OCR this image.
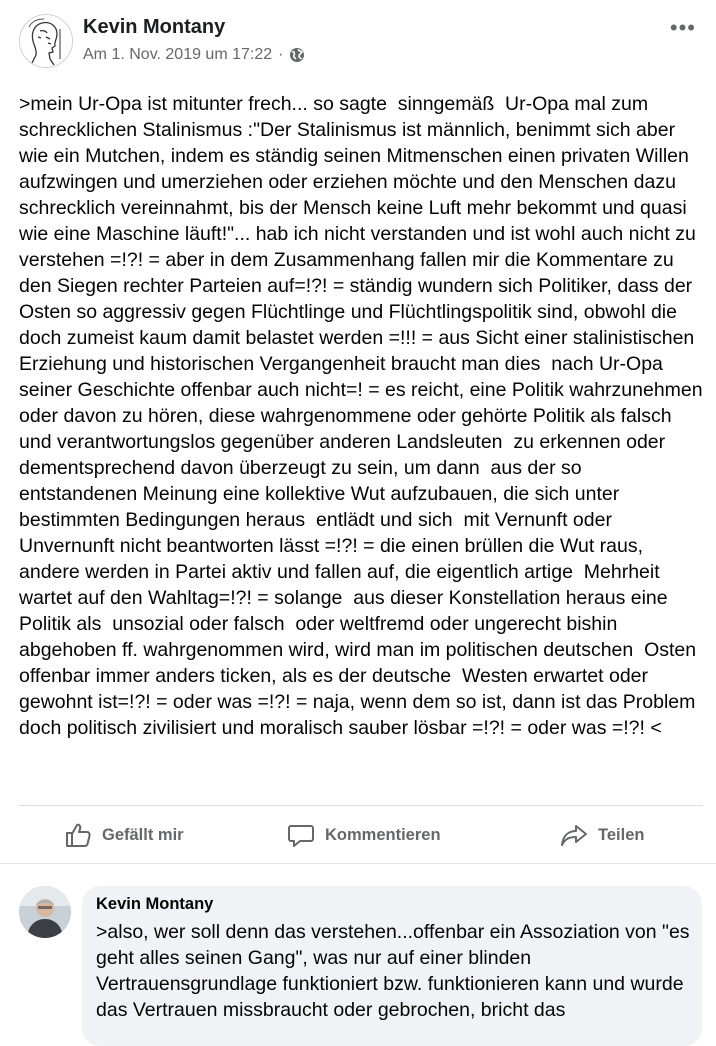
Kevin Montany
Am 1. Nov. 2019 um 17:22 ·
•••
>mein Ur-Opa ist mitunter frech... so sagte  sinngemäß  Ur-Opa mal zum schrecklichen Stalinismus :"Der Stalinismus ist männlich, benimmt sich aber wie ein Mutchen, indem es ständig seinen Mitmenschen einen privaten Willen aufzwingen und umerziehen oder erziehen möchte und den Menschen dazu schrecklich vereinnahmt, bis der Mensch keine Luft mehr bekommt und quasi wie eine Maschine läuft!"... hab ich nicht verstanden und ist wohl auch nicht zu verstehen =!?! = aber in dem Zusammenhang fallen mir die Kommentare zu den Siegen rechter Parteien auf=!?! = ständig wundern sich Politiker, dass der Osten so aggressiv gegen Flüchtlinge und Flüchtlingspolitik sind, obwohl die doch zumeist kaum damit belastet werden =!!! = aus Sicht einer stalinistischen Erziehung und historischen Vergangenheit braucht man dies  nach Ur-Opa seiner Geschichte offenbar auch nicht=! = es reicht, eine Politik wahrzunehmen oder davon zu hören, diese wahrgenommene oder gehörte Politik als falsch und verantwortungslos gegenüber anderen Landsleuten  zu erkennen oder dementsprechend davon überzeugt zu sein, um dann  aus der so entstandenen Meinung eine kollektive Wut aufzubauen, die sich unter bestimmten Bedingungen heraus  entlädt und sich  mit Vernunft oder Unvernunft nicht beantworten lässt =!?! = die einen brüllen die Wut raus, andere werden in Partei aktiv und fallen auf, die eigentlich artige  Mehrheit wartet auf den Wahltag=!?! = solange  aus dieser Konstellation heraus eine Politik als  unsozial oder falsch  oder weltfremd oder ungerecht bishin abgehoben ff. wahrgenommen wird, wird man im politischen deutschen  Osten offenbar immer anders ticken, als es der deutsche  Westen erwartet oder gewohnt ist=!?! = oder was =!?! = naja, wenn dem so ist, dann ist das Problem doch politisch zivilisiert und moralisch sauber lösbar =!?! = oder was =!?! <
Gefällt mir	Kommentieren	Teilen
Kevin Montany
>also, wer soll denn das verstehen...offenbar ein Assoziation von "es geht alles seinen Gang", was nur auf einer blinden Vertrauensgrundlage funktioniert bzw. funktionieren kann und wurde das Vertrauen missbraucht oder gebrochen, bricht das
